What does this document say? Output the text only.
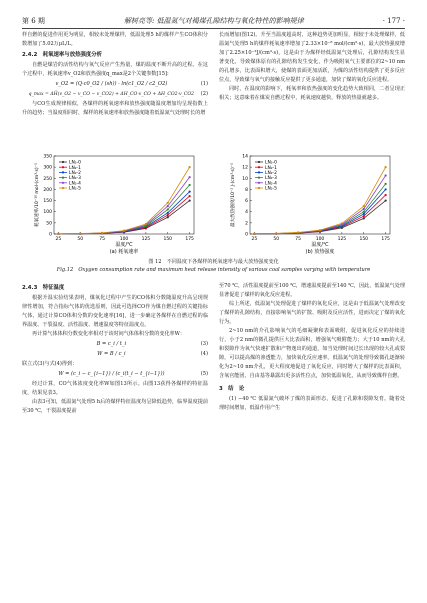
第 6 期	解树亮等: 低温氮气对褐煤孔隙结构与氧化特性的影响规律	· 177 ·

样自燃的促进作用更为明显，相较未处理煤样，低温处理5 h的煤样产生CO体积分数增加了5.02万μL/L。

2.4.2　耗氧速率与放热强度分析

自燃是煤岩的活性结构与氧气反应产生热量，煤的温度不断升高的过程。在这个过程中，耗氧速率v_O2和放热强度q_max是2个关键参数[15]:

v_O2 = (Q·c0_O2 / (sh)) · ln(c1_O2 / c2_O2)	(1)
q_max = ΔH̄(v_O2 − v_CO − v_CO2) + ΔH_CO·v_CO + ΔH_CO2·v_CO2	(2)

与CO生成规律相似，各煤样的耗氧速率和放热强度随温度增加均呈现指数上升的趋势；当温度相同时，煤样的耗氧速率和放热强度随着低温氮气处理时长的增

长而增加(图12)。升至当温度超高时，这种趋势更加明显，相较于未处理煤样，低温氮气处理5 h的煤样耗氧速率增加了2.33×10⁻⁸ mol/(cm³·s)，最大放热强度增加了2.25×10⁻²J/(cm³·s)，这是由于为煤样经低温氮气处理后，孔隙结构发生显著变化，导致煤体原有的孔隙结构发生变化，作为吸附氧气主要部位的2~10 nm的孔增多，比表面积增大，使煤的表面更加活跃，为煤的活性结构提供了更多反应位点，导致煤与氧气的接触反应提供了更多通道，加快了煤的氧化反应进程。

同时，在温度的影响下，耗氧率和放热强度的变化趋势大致相同，二者呈现正相关；这意味着在煤炭自燃过程中，耗氧速度越快，释放的热量就越多。

0
50
100
150
200
250
300
350
25	50	75	100	125	150	175
温度/℃
(a) 耗氧速率
耗氧速率/10⁻¹⁰ mol·(cm³·s)⁻¹	LN₂-0
LN₂-1
LN₂-2
LN₂-3
LN₂-4
LN₂-5
0
2
4
6
8
10
12
14
25	50	75	100	125	150	175
温度/℃
(b) 放热强度
最大放热强度/10⁻² J·(cm³·s)⁻¹	LN₂-0
LN₂-1
LN₂-2
LN₂-3
LN₂-4
LN₂-5
图 12　不同温度下各煤样的耗氧速率与最大放热强度变化
Fig.12　Oxygen consumption rate and maximum heat release intensity of various coal samples varying with temperature
2.4.3　特征温度

根据升温实验结果表明，煤氧化过程中产生的CO体积分数随温度升高呈现规律性增加，符合指标气体的优选原则，因此可选择CO作为煤自燃过程的关键指标气体，通过计算CO体积分数的变化速率[16]，进一步确定各煤样在自燃过程的临界温度、干裂温度、活性温度、增速温度等特征温度点。

再计算气体体积分数变化率相对于该时间气体体积分数的变化率W：

B = c_i / t_i	(3)
W = B / c_i	(4)

联立式(3)与式(4)得到：

W = (c_i − c_{i−1}) / (c_i(t_i − t_{i−1}))	(5)

经过计算，CO气体浓度变化率W如图13所示。由图13获得各煤样的特征温度，结果见表3。

由表3可知，低温氮气处理5 h后的煤样特征温度均呈降低趋势，临界温度提前至30 ℃，干裂温度提前

至70 ℃，活性温度提前至100 ℃，增速温度提前至140 ℃，因此，低温氮气处理显著促进了煤样的氧化反应进程。

综上所述，低温氮气处理促进了煤样的氧化反应，这是由于低温氮气处理改变了煤样的孔隙结构，直接影响氧气的扩散、吸附及反应活性，进而决定了煤的氧化行为。

2~10 nm的介孔影响氧气的毛细凝聚和表面吸附，促进氧化反应的持续进行，小于2 nm的微孔提供巨大比表面积，增强氧气吸附能力；大于10 nm的大孔和裂隙作为氧气快速扩散和产物逸出的通道，如当处理时间过长出现的较大孔或裂隙，可以提高煤的渗透能力，加快氧化反应速率。低温氮气的处理导致微孔逐渐转化为2~10 nm介孔，更大程度地促进了氧化反应，同时增大了煤样的比表面积，含氧官能团、自由基等暴露出更多活性位点，加快低温氧化，从而导致煤样自燃。

3　结　论

(1) −40 ℃ 低温氮气破坏了煤的表面形态，促进了孔隙和裂隙发育。随着处理时间增加，低温作用产生
